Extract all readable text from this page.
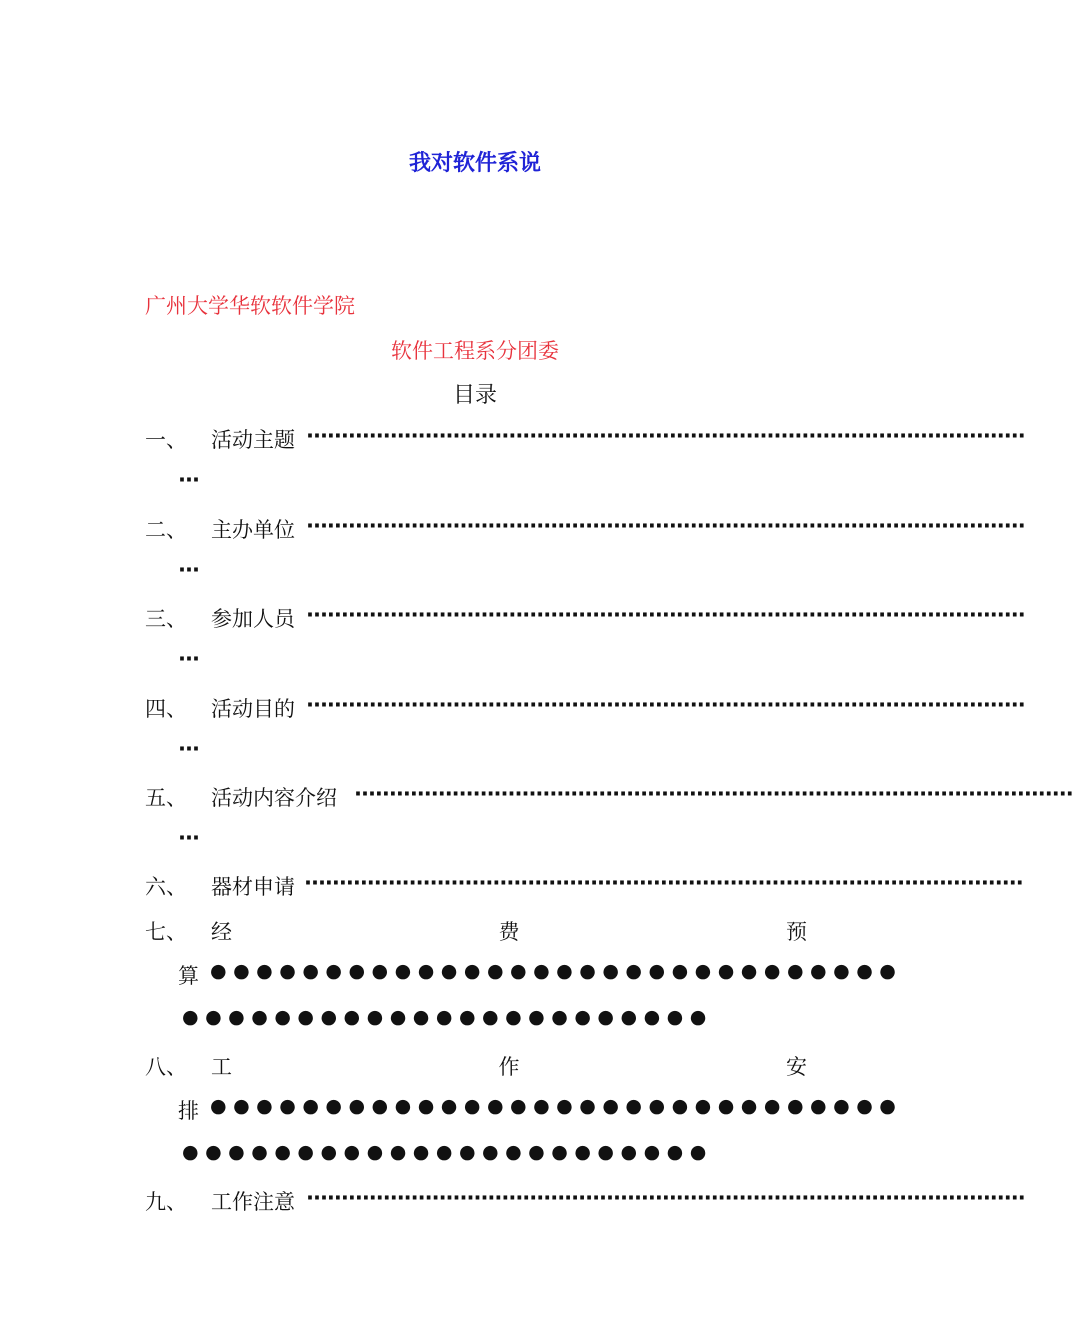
我对软件系说
广州大学华软软件学院
软件工程系分团委
目录
一、 活动主题 ·······································································································
···
二、 主办单位 ·······································································································
···
三、 参加人员 ·······································································································
···
四、 活动目的 ·······································································································
···
五、 活动内容介绍 ·······································································································
···
六、 器材申请 ·······································································································
七、 经	费	预
算 ●●●●●●●●●●●●●●●●●●●●●●●●●●●●●●
●●●●●●●●●●●●●●●●●●●●●●●
八、 工	作	安
排 ●●●●●●●●●●●●●●●●●●●●●●●●●●●●●●
●●●●●●●●●●●●●●●●●●●●●●●
九、 工作注意 ·······································································································
